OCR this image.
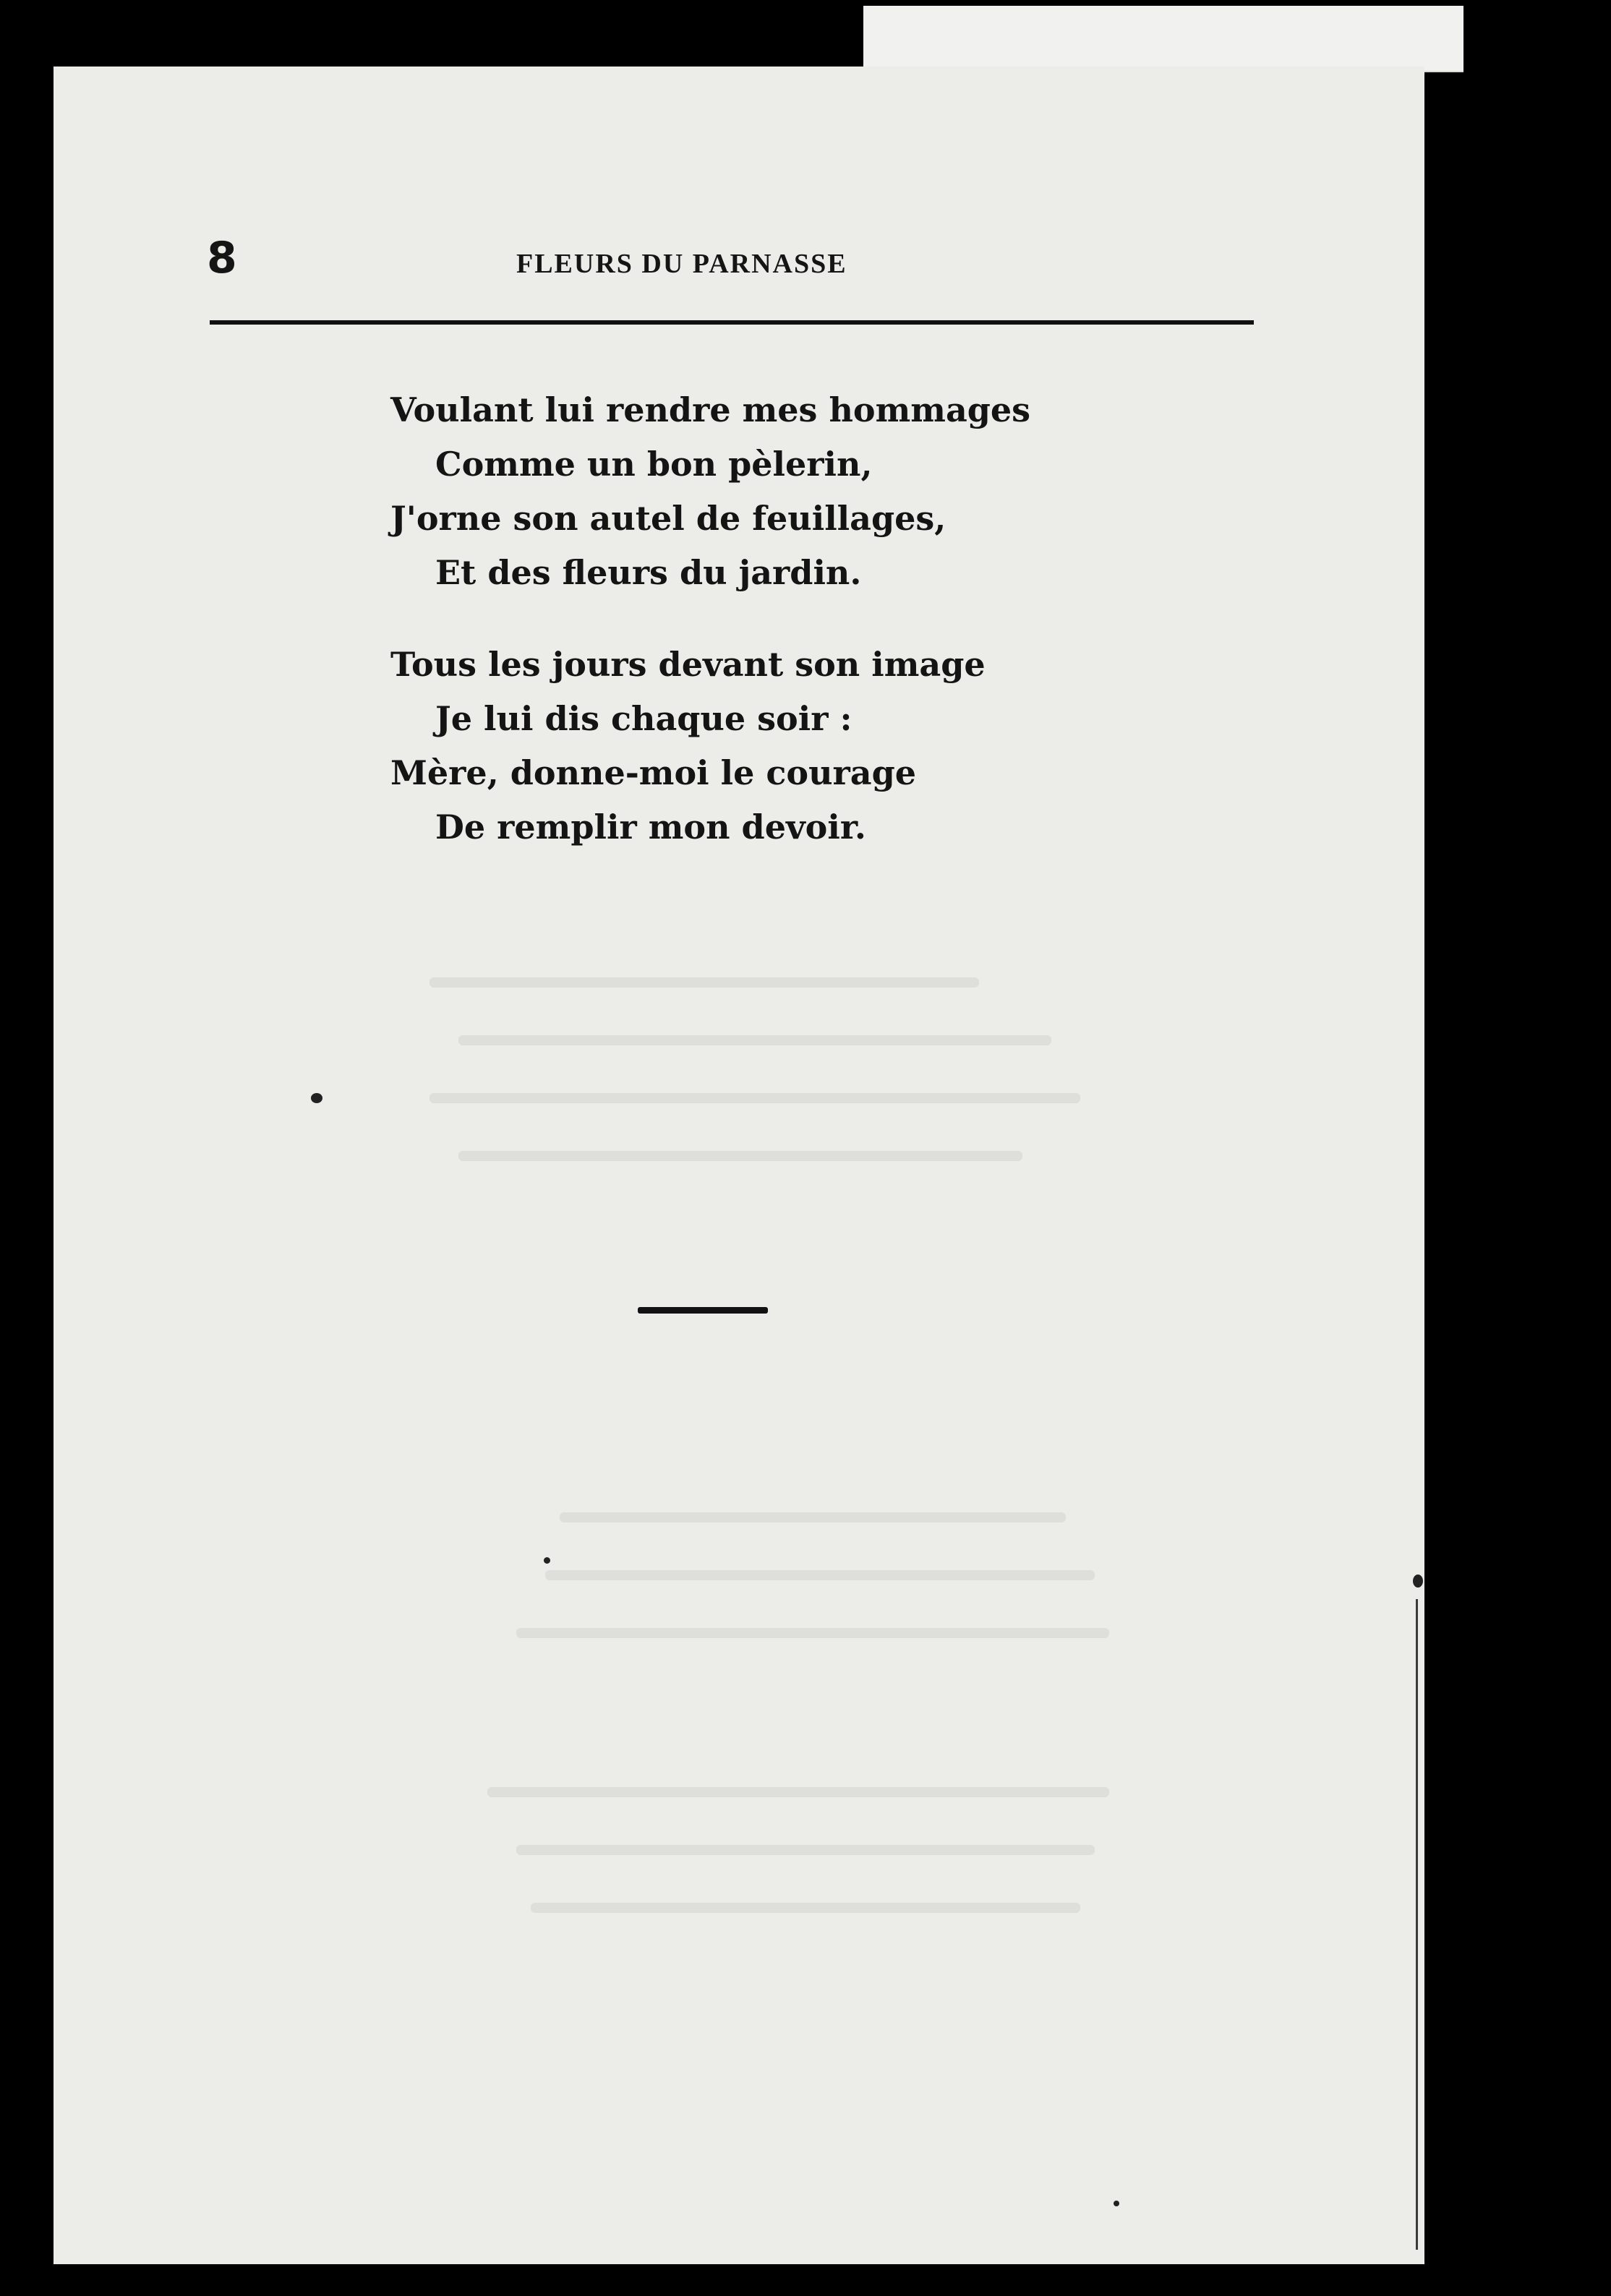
8	FLEURS DU PARNASSE
Voulant lui rendre mes hommages
Comme un bon pèlerin,
J'orne son autel de feuillages,
Et des fleurs du jardin.
Tous les jours devant son image
Je lui dis chaque soir :
Mère, donne-moi le courage
De remplir mon devoir.
